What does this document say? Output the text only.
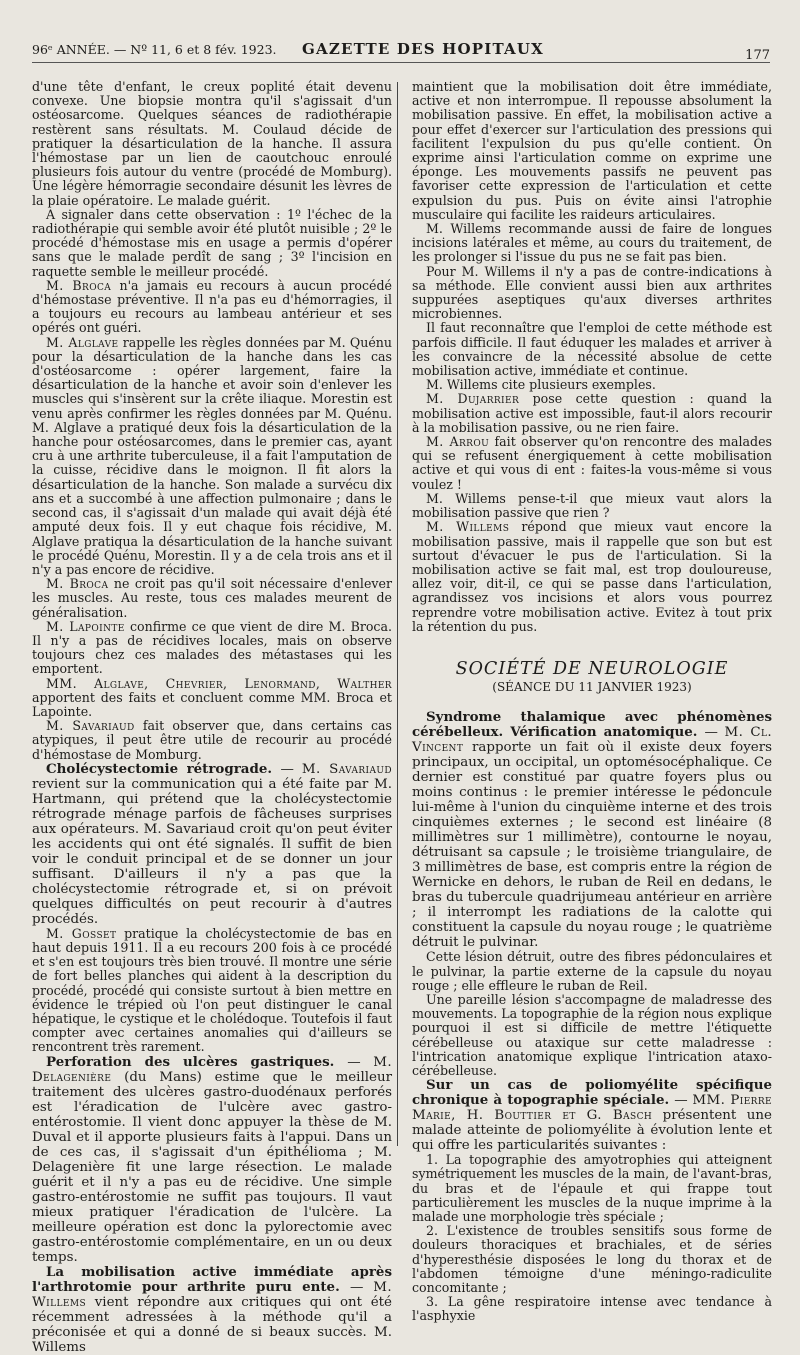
96ᵉ ANNÉE. — Nº 11, 6 et 8 fév. 1923. GAZETTE DES HOPITAUX	177

d'une tête d'enfant, le creux poplité était devenu convexe. Une biopsie montra qu'il s'agissait d'un ostéosarcome. Quelques séances de radiothérapie restèrent sans résultats. M. Coulaud décide de pratiquer la désarticulation de la hanche. Il assura l'hémostase par un lien de caoutchouc enroulé plusieurs fois autour du ventre (procédé de Momburg). Une légère hémorragie secondaire désunit les lèvres de la plaie opératoire. Le malade guérit.

A signaler dans cette observation : 1º l'échec de la radiothérapie qui semble avoir été plutôt nuisible ; 2º le procédé d'hémostase mis en usage a permis d'opérer sans que le malade perdît de sang ; 3º l'incision en raquette semble le meilleur procédé.

M. Broca n'a jamais eu recours à aucun procédé d'hémostase préventive. Il n'a pas eu d'hémorragies, il a toujours eu recours au lambeau antérieur et ses opérés ont guéri.

M. Alglave rappelle les règles données par M. Quénu pour la désarticulation de la hanche dans les cas d'ostéosarcome : opérer largement, faire la désarticulation de la hanche et avoir soin d'enlever les muscles qui s'insèrent sur la crête iliaque. Morestin est venu après confirmer les règles données par M. Quénu. M. Alglave a pratiqué deux fois la désarticulation de la hanche pour ostéosarcomes, dans le premier cas, ayant cru à une arthrite tuberculeuse, il a fait l'amputation de la cuisse, récidive dans le moignon. Il fit alors la désarticulation de la hanche. Son malade a survécu dix ans et a succombé à une affection pulmonaire ; dans le second cas, il s'agissait d'un malade qui avait déjà été amputé deux fois. Il y eut chaque fois récidive, M. Alglave pratiqua la désarticulation de la hanche suivant le procédé Quénu, Morestin. Il y a de cela trois ans et il n'y a pas encore de récidive.

M. Broca ne croit pas qu'il soit nécessaire d'enlever les muscles. Au reste, tous ces malades meurent de généralisation.

M. Lapointe confirme ce que vient de dire M. Broca. Il n'y a pas de récidives locales, mais on observe toujours chez ces malades des métastases qui les emportent.

MM. Alglave, Chevrier, Lenormand, Walther apportent des faits et concluent comme MM. Broca et Lapointe.

M. Savariaud fait observer que, dans certains cas atypiques, il peut être utile de recourir au procédé d'hémostase de Momburg.

Cholécystectomie rétrograde. — M. Savariaud revient sur la communication qui a été faite par M. Hartmann, qui prétend que la cholécystectomie rétrograde ménage parfois de fâcheuses surprises aux opérateurs. M. Savariaud croit qu'on peut éviter les accidents qui ont été signalés. Il suffit de bien voir le conduit principal et de se donner un jour suffisant. D'ailleurs il n'y a pas que la cholécystectomie rétrograde et, si on prévoit quelques difficultés on peut recourir à d'autres procédés.

M. Gosset pratique la cholécystectomie de bas en haut depuis 1911. Il a eu recours 200 fois à ce procédé et s'en est toujours très bien trouvé. Il montre une série de fort belles planches qui aident à la description du procédé, procédé qui consiste surtout à bien mettre en évidence le trépied où l'on peut distinguer le canal hépatique, le cystique et le cholédoque. Toutefois il faut compter avec certaines anomalies qui d'ailleurs se rencontrent très rarement.

Perforation des ulcères gastriques. — M. Delagenière (du Mans) estime que le meilleur traitement des ulcères gastro-duodénaux perforés est l'éradication de l'ulcère avec gastro-entérostomie. Il vient donc appuyer la thèse de M. Duval et il apporte plusieurs faits à l'appui. Dans un de ces cas, il s'agissait d'un épithélioma ; M. Delagenière fit une large résection. Le malade guérit et il n'y a pas eu de récidive. Une simple gastro-entérostomie ne suffit pas toujours. Il vaut mieux pratiquer l'éradication de l'ulcère. La meilleure opération est donc la pylorectomie avec gastro-entérostomie complémentaire, en un ou deux temps.

La mobilisation active immédiate après l'arthrotomie pour arthrite puru ente. — M. Willems vient répondre aux critiques qui ont été récemment adressées à la méthode qu'il a préconisée et qui a donné de si beaux succès. M. Willems

maintient que la mobilisation doit être immédiate, active et non interrompue. Il repousse absolument la mobilisation passive. En effet, la mobilisation active a pour effet d'exercer sur l'articulation des pressions qui facilitent l'expulsion du pus qu'elle contient. On exprime ainsi l'articulation comme on exprime une éponge. Les mouvements passifs ne peuvent pas favoriser cette expression de l'articulation et cette expulsion du pus. Puis on évite ainsi l'atrophie musculaire qui facilite les raideurs articulaires.

M. Willems recommande aussi de faire de longues incisions latérales et même, au cours du traitement, de les prolonger si l'issue du pus ne se fait pas bien.

Pour M. Willems il n'y a pas de contre-indications à sa méthode. Elle convient aussi bien aux arthrites suppurées aseptiques qu'aux diverses arthrites microbiennes.

Il faut reconnaître que l'emploi de cette méthode est parfois difficile. Il faut éduquer les malades et arriver à les convaincre de la nécessité absolue de cette mobilisation active, immédiate et continue.

M. Willems cite plusieurs exemples.

M. Dujarrier pose cette question : quand la mobilisation active est impossible, faut-il alors recourir à la mobilisation passive, ou ne rien faire.

M. Arrou fait observer qu'on rencontre des malades qui se refusent énergiquement à cette mobilisation active et qui vous di ent : faites-la vous-même si vous voulez !

M. Willems pense-t-il que mieux vaut alors la mobilisation passive que rien ?

M. Willems répond que mieux vaut encore la mobilisation passive, mais il rappelle que son but est surtout d'évacuer le pus de l'articulation. Si la mobilisation active se fait mal, est trop douloureuse, allez voir, dit-il, ce qui se passe dans l'articulation, agrandissez vos incisions et alors vous pourrez reprendre votre mobilisation active. Evitez à tout prix la rétention du pus.

SOCIÉTÉ DE NEUROLOGIE
(SÉANCE DU 11 JANVIER 1923)

Syndrome thalamique avec phénomènes cérébelleux. Vérification anatomique. — M. Cl. Vincent rapporte un fait où il existe deux foyers principaux, un occipital, un optomésocéphalique. Ce dernier est constitué par quatre foyers plus ou moins continus : le premier intéresse le pédoncule lui-même à l'union du cinquième interne et des trois cinquièmes externes ; le second est linéaire (8 millimètres sur 1 millimètre), contourne le noyau, détruisant sa capsule ; le troisième triangulaire, de 3 millimètres de base, est compris entre la région de Wernicke en dehors, le ruban de Reil en dedans, le bras du tubercule quadrijumeau antérieur en arrière ; il interrompt les radiations de la calotte qui constituent la capsule du noyau rouge ; le quatrième détruit le pulvinar.

Cette lésion détruit, outre des fibres pédonculaires et le pulvinar, la partie externe de la capsule du noyau rouge ; elle effleure le ruban de Reil.

Une pareille lésion s'accompagne de maladresse des mouvements. La topographie de la région nous explique pourquoi il est si difficile de mettre l'étiquette cérébelleuse ou ataxique sur cette maladresse : l'intrication anatomique explique l'intrication ataxo-cérébelleuse.

Sur un cas de poliomyélite spécifique chronique à topographie spéciale. — MM. Pierre Marie, H. Bouttier et G. Basch présentent une malade atteinte de poliomyélite à évolution lente et qui offre les particularités suivantes :

1. La topographie des amyotrophies qui atteignent symétriquement les muscles de la main, de l'avant-bras, du bras et de l'épaule et qui frappe tout particulièrement les muscles de la nuque imprime à la malade une morphologie très spéciale ;

2. L'existence de troubles sensitifs sous forme de douleurs thoraciques et brachiales, et de séries d'hyperesthésie disposées le long du thorax et de l'abdomen témoigne d'une méningo-radiculite concomitante ;

3. La gêne respiratoire intense avec tendance à l'asphyxie
